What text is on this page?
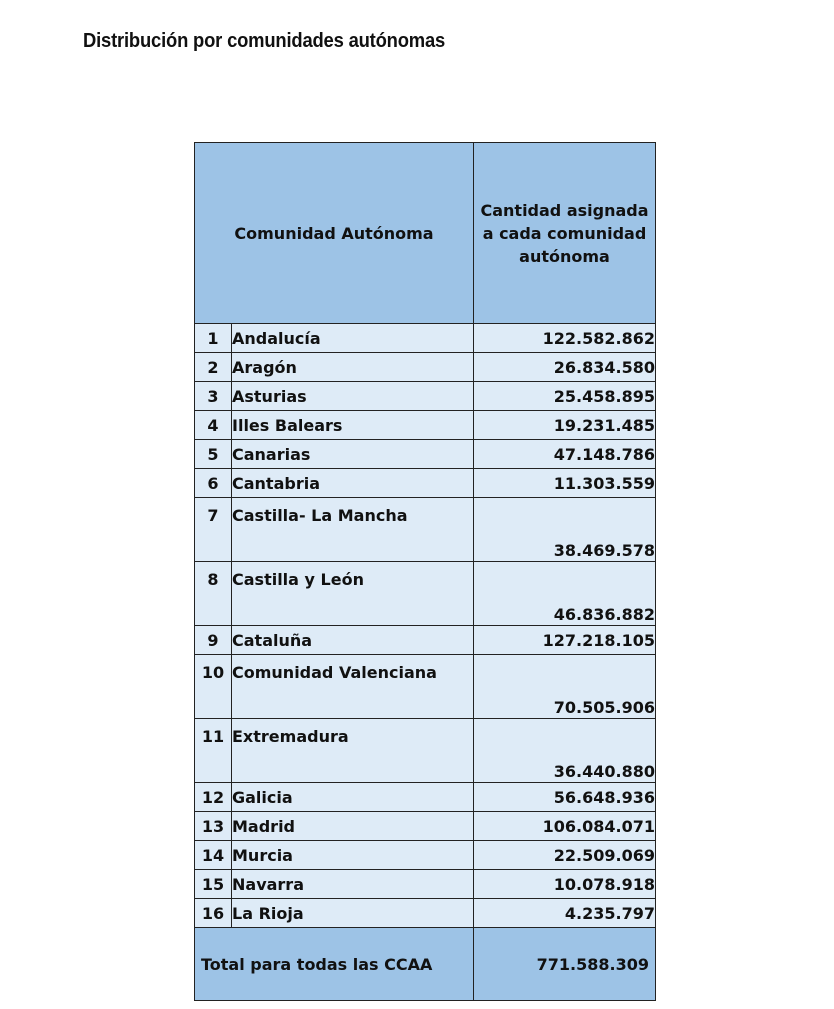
Distribución por comunidades autónomas
Comunidad Autónoma		Cantidad asignada a cada comunidad autónoma
1	Andalucía	122.582.862
2	Aragón	26.834.580
3	Asturias	25.458.895
4	Illes Balears	19.231.485
5	Canarias	47.148.786
6	Cantabria	11.303.559
7	Castilla- La Mancha	38.469.578
8	Castilla y León	46.836.882
9	Cataluña	127.218.105
10	Comunidad Valenciana	70.505.906
11	Extremadura	36.440.880
12	Galicia	56.648.936
13	Madrid	106.084.071
14	Murcia	22.509.069
15	Navarra	10.078.918
16	La Rioja	4.235.797
Total para todas las CCAA		771.588.309
